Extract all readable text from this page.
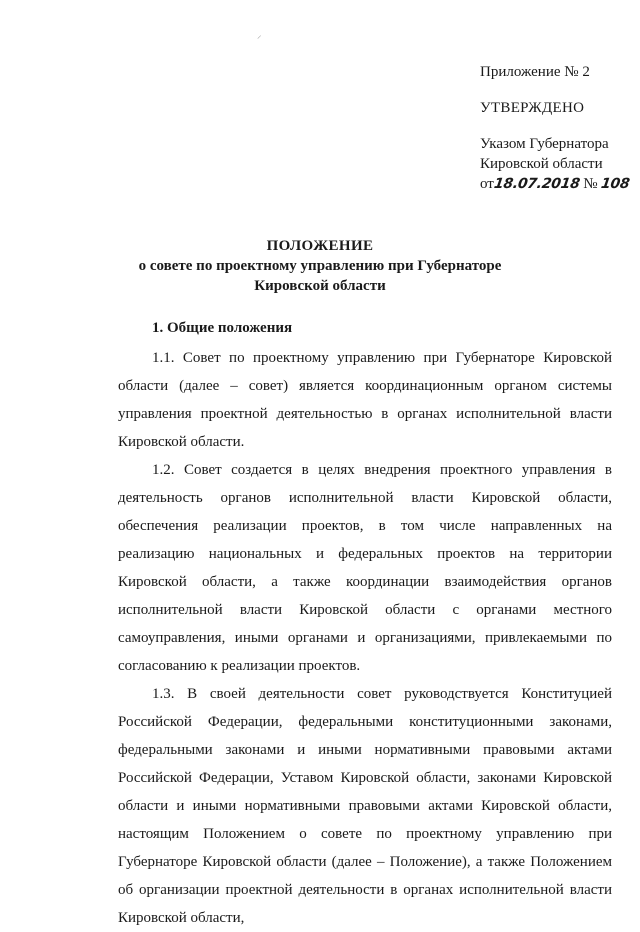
⸝
Приложение № 2
УТВЕРЖДЕНО
Указом Губернатора
Кировской области
от18.07.2018 № 108
ПОЛОЖЕНИЕ
о совете по проектному управлению при Губернаторе
Кировской области
1. Общие положения

1.1. Совет по проектному управлению при Губернаторе Кировской области (далее – совет) является координационным органом системы управления проектной деятельностью в органах исполнительной власти Кировской области.

1.2. Совет создается в целях внедрения проектного управления в деятельность органов исполнительной власти Кировской области, обеспечения реализации проектов, в том числе направленных на реализацию национальных и федеральных проектов на территории Кировской области, а также координации взаимодействия органов исполнительной власти Кировской области с органами местного самоуправления, иными органами и организациями, привлекаемыми по согласованию к реализации проектов.

1.3. В своей деятельности совет руководствуется Конституцией Российской Федерации, федеральными конституционными законами, федеральными законами и иными нормативными правовыми актами Российской Федерации, Уставом Кировской области, законами Кировской области и иными нормативными правовыми актами Кировской области, настоящим Положением о совете по проектному управлению при Губернаторе Кировской области (далее – Положение), а также Положением об организации проектной деятельности в органах исполнительной власти Кировской области,
